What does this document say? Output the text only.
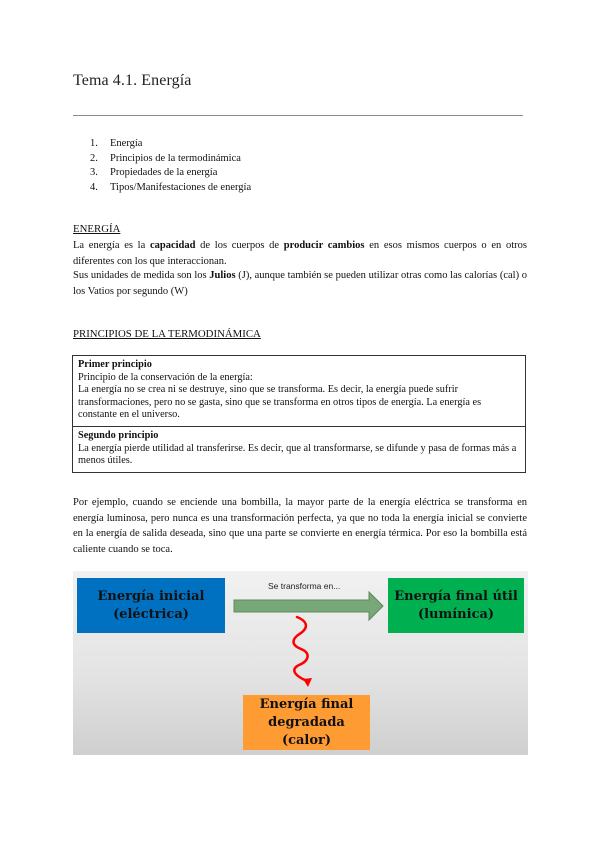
Tema 4.1. Energía
1.	Energía
2.	Principios de la termodinámica
3.	Propiedades de la energía
4.	Tipos/Manifestaciones de energía
ENERGÍA
La energía es la capacidad de los cuerpos de producir cambios en esos mismos cuerpos o en otros diferentes con los que interaccionan.
Sus unidades de medida son los Julios (J), aunque también se pueden utilizar otras como las calorías (cal) o los Vatios por segundo (W)
PRINCIPIOS DE LA TERMODINÁMICA
Primer principio
Principio de la conservación de la energía:
La energía no se crea ni se destruye, sino que se transforma. Es decir, la energía puede sufrir transformaciones, pero no se gasta, sino que se transforma en otros tipos de energía. La energía es constante en el universo.
Segundo principio
La energía pierde utilidad al transferirse. Es decir, que al transformarse, se difunde y pasa de formas más a menos útiles.
Por ejemplo, cuando se enciende una bombilla, la mayor parte de la energía eléctrica se transforma en energía luminosa, pero nunca es una transformación perfecta, ya que no toda la energía inicial se convierte en la energía de salida deseada, sino que una parte se convierte en energía térmica. Por eso la bombilla está caliente cuando se toca.
Energía inicial
(eléctrica)
Se transforma en...
Energía final útil
(lumínica)
Energía final
degradada
(calor)
